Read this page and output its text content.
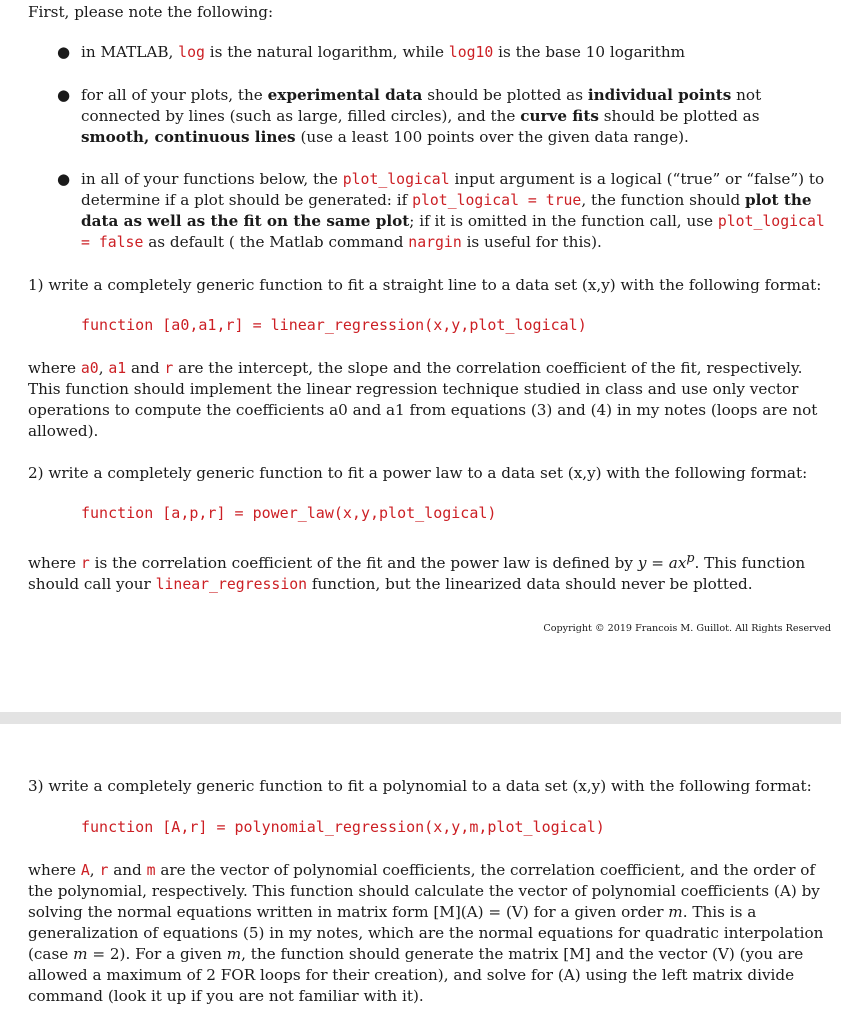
First, please note the following:
● in MATLAB, log is the natural logarithm, while log10 is the base 10 logarithm
● for all of your plots, the experimental data should be plotted as individual points not connected by lines (such as large, filled circles), and the curve fits should be plotted as smooth, continuous lines (use a least 100 points over the given data range).
● in all of your functions below, the plot_logical input argument is a logical (“true” or “false”) to determine if a plot should be generated: if plot_logical = true, the function should plot the data as well as the fit on the same plot; if it is omitted in the function call, use plot_logical = false as default ( the Matlab command nargin is useful for this).
1) write a completely generic function to fit a straight line to a data set (x,y) with the following format:
function [a0,a1,r] = linear_regression(x,y,plot_logical)
where a0, a1 and r are the intercept, the slope and the correlation coefficient of the fit, respectively. This function should implement the linear regression technique studied in class and use only vector operations to compute the coefficients a0 and a1 from equations (3) and (4) in my notes (loops are not allowed).
2) write a completely generic function to fit a power law to a data set (x,y) with the following format:
function [a,p,r] = power_law(x,y,plot_logical)
where r is the correlation coefficient of the fit and the power law is defined by $y = ax^p$. This function should call your linear_regression function, but the linearized data should never be plotted.
Copyright © 2019 Francois M. Guillot. All Rights Reserved
3) write a completely generic function to fit a polynomial to a data set (x,y) with the following format:
function [A,r] = polynomial_regression(x,y,m,plot_logical)
where A, r and m are the vector of polynomial coefficients, the correlation coefficient, and the order of the polynomial, respectively. This function should calculate the vector of polynomial coefficients (A) by solving the normal equations written in matrix form [M](A) = (V) for a given order m. This is a generalization of equations (5) in my notes, which are the normal equations for quadratic interpolation (case m = 2). For a given m, the function should generate the matrix [M] and the vector (V) (you are allowed a maximum of 2 FOR loops for their creation), and solve for (A) using the left matrix divide command (look it up if you are not familiar with it).
